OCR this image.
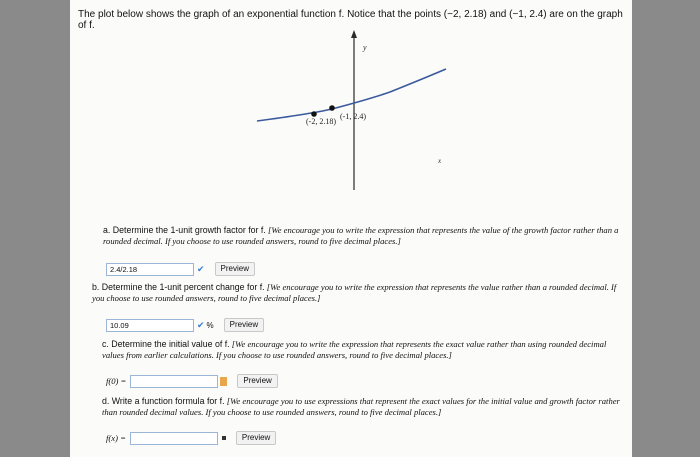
The plot below shows the graph of an exponential function f. Notice that the points (−2, 2.18) and (−1, 2.4) are on the graph of f.
y
x
(-2, 2.18)
(-1, 2.4)
a. Determine the 1-unit growth factor for f. [We encourage you to write the expression that represents the value of the growth factor rather than a rounded decimal. If you choose to use rounded answers, round to five decimal places.]
2.4/2.18	✔	Preview
b. Determine the 1-unit percent change for f. [We encourage you to write the expression that represents the value rather than a rounded decimal. If you choose to use rounded answers, round to five decimal places.]
10.09	✔ %	Preview
c. Determine the initial value of f. [We encourage you to write the expression that represents the exact value rather than using rounded decimal values from earlier calculations. If you choose to use rounded answers, round to five decimal places.]
f(0) =	Preview
d. Write a function formula for f. [We encourage you to use expressions that represent the exact values for the initial value and growth factor rather than rounded decimal values. If you choose to use rounded answers, round to five decimal places.]
f(x) =	Preview
